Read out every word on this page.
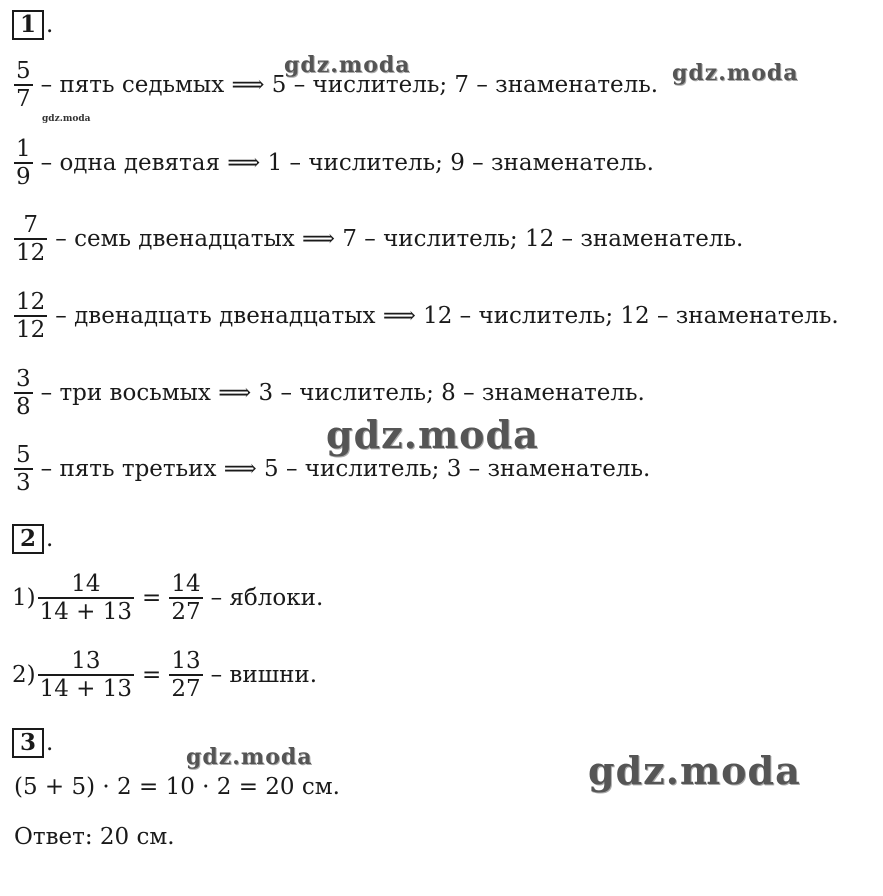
1 .
$\frac{5}{7}$ – пять седьмых ⟹ 5 – числитель; 7 – знаменатель.
$\frac{1}{9}$ – одна девятая ⟹ 1 – числитель; 9 – знаменатель.
$\frac{7}{12}$ – семь двенадцатых ⟹ 7 – числитель; 12 – знаменатель.
$\frac{12}{12}$ – двенадцать двенадцатых ⟹ 12 – числитель; 12 – знаменатель.
$\frac{3}{8}$ – три восьмых ⟹ 3 – числитель; 8 – знаменатель.
$\frac{5}{3}$ – пять третьих ⟹ 5 – числитель; 3 – знаменатель.
2 .
$1) \frac{14}{14 + 13} = \frac{14}{27}$ – яблоки.
$2) \frac{13}{14 + 13} = \frac{13}{27}$ – вишни.
3 .
(5 + 5) · 2 = 10 · 2 = 20 см.
Ответ: 20 см.
gdz.moda	gdz.moda
gdz.moda
gdz.moda
gdz.moda	gdz.moda
